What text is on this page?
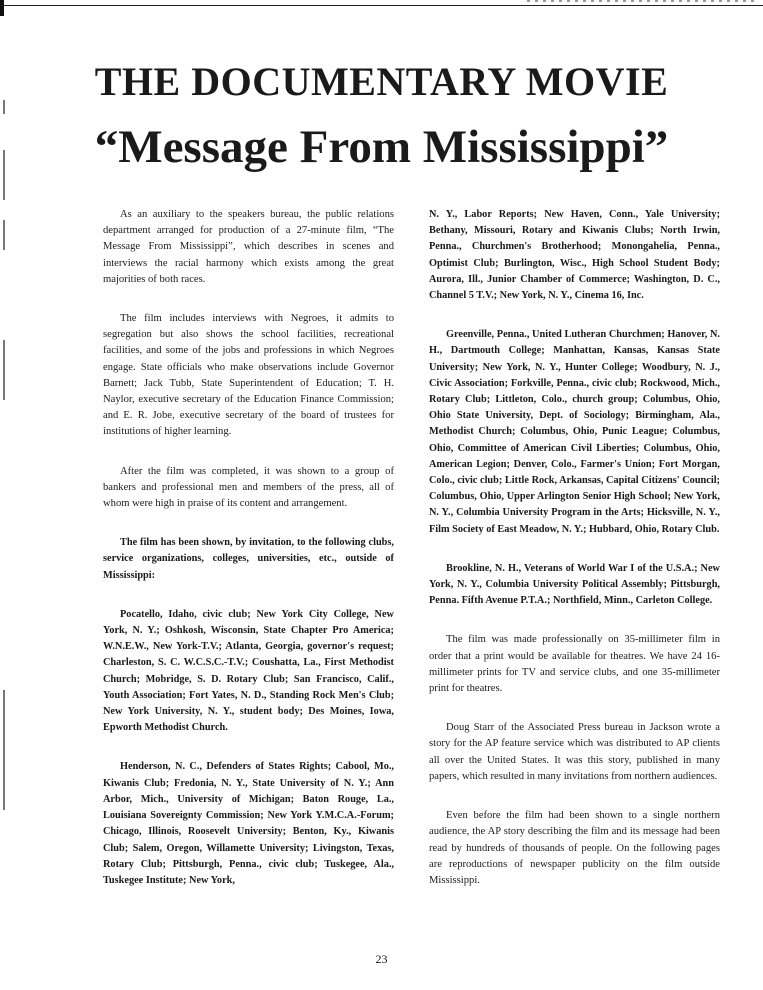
THE DOCUMENTARY MOVIE
“Message From Mississippi”

As an auxiliary to the speakers bureau, the public relations department arranged for production of a 27-minute film, “The Message From Mississippi”, which describes in scenes and interviews the racial harmony which exists among the great majorities of both races.

The film includes interviews with Negroes, it admits to segregation but also shows the school facilities, recreational facilities, and some of the jobs and professions in which Negroes engage. State officials who make observations include Governor Barnett; Jack Tubb, State Superintendent of Education; T. H. Naylor, executive secretary of the Education Finance Commission; and E. R. Jobe, executive secretary of the board of trustees for institutions of higher learning.

After the film was completed, it was shown to a group of bankers and professional men and members of the press, all of whom were high in praise of its content and arrangement.

The film has been shown, by invitation, to the following clubs, service organizations, colleges, universities, etc., outside of Mississippi:

Pocatello, Idaho, civic club; New York City College, New York, N. Y.; Oshkosh, Wisconsin, State Chapter Pro America; W.N.E.W., New York-T.V.; Atlanta, Georgia, governor's request; Charleston, S. C. W.C.S.C.-T.V.; Coushatta, La., First Methodist Church; Mobridge, S. D. Rotary Club; San Francisco, Calif., Youth Association; Fort Yates, N. D., Standing Rock Men's Club; New York University, N. Y., student body; Des Moines, Iowa, Epworth Methodist Church.

Henderson, N. C., Defenders of States Rights; Cabool, Mo., Kiwanis Club; Fredonia, N. Y., State University of N. Y.; Ann Arbor, Mich., University of Michigan; Baton Rouge, La., Louisiana Sovereignty Commission; New York Y.M.C.A.-Forum; Chicago, Illinois, Roosevelt University; Benton, Ky., Kiwanis Club; Salem, Oregon, Willamette University; Livingston, Texas, Rotary Club; Pittsburgh, Penna., civic club; Tuskegee, Ala., Tuskegee Institute; New York,

N. Y., Labor Reports; New Haven, Conn., Yale University; Bethany, Missouri, Rotary and Kiwanis Clubs; North Irwin, Penna., Churchmen's Brotherhood; Monongahelia, Penna., Optimist Club; Burlington, Wisc., High School Student Body; Aurora, Ill., Junior Chamber of Commerce; Washington, D. C., Channel 5 T.V.; New York, N. Y., Cinema 16, Inc.

Greenville, Penna., United Lutheran Churchmen; Hanover, N. H., Dartmouth College; Manhattan, Kansas, Kansas State University; New York, N. Y., Hunter College; Woodbury, N. J., Civic Association; Forkville, Penna., civic club; Rockwood, Mich., Rotary Club; Littleton, Colo., church group; Columbus, Ohio, Ohio State University, Dept. of Sociology; Birmingham, Ala., Methodist Church; Columbus, Ohio, Punic League; Columbus, Ohio, Committee of American Civil Liberties; Columbus, Ohio, American Legion; Denver, Colo., Farmer's Union; Fort Morgan, Colo., civic club; Little Rock, Arkansas, Capital Citizens' Council; Columbus, Ohio, Upper Arlington Senior High School; New York, N. Y., Columbia University Program in the Arts; Hicksville, N. Y., Film Society of East Meadow, N. Y.; Hubbard, Ohio, Rotary Club.

Brookline, N. H., Veterans of World War I of the U.S.A.; New York, N. Y., Columbia University Political Assembly; Pittsburgh, Penna. Fifth Avenue P.T.A.; Northfield, Minn., Carleton College.

The film was made professionally on 35-millimeter film in order that a print would be available for theatres. We have 24 16-millimeter prints for TV and service clubs, and one 35-millimeter print for theatres.

Doug Starr of the Associated Press bureau in Jackson wrote a story for the AP feature service which was distributed to AP clients all over the United States. It was this story, published in many papers, which resulted in many invitations from northern audiences.

Even before the film had been shown to a single northern audience, the AP story describing the film and its message had been read by hundreds of thousands of people. On the following pages are reproductions of newspaper publicity on the film outside Mississippi.

23
